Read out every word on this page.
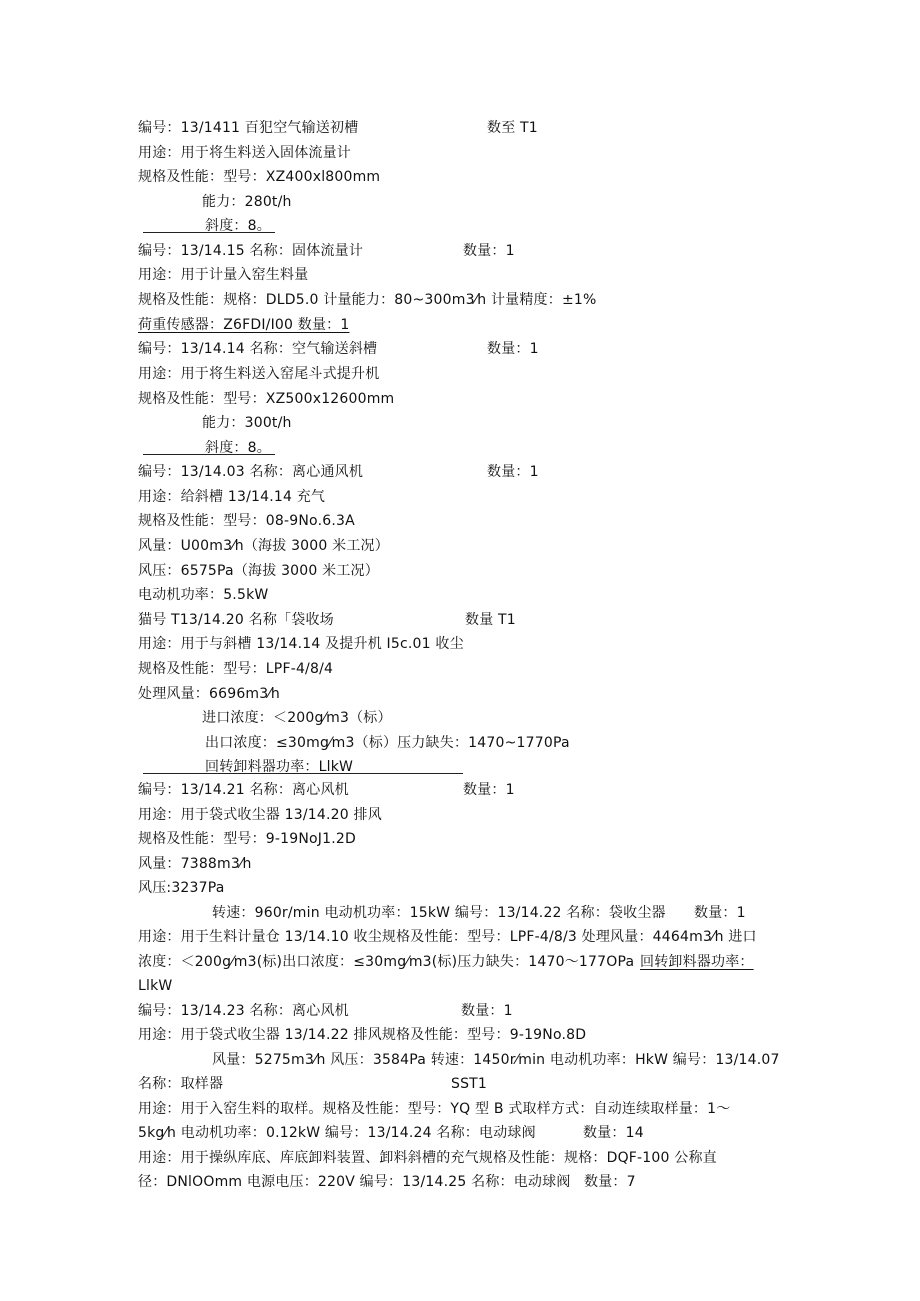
编号：13/1411 百犯空气输送初槽	数至 T1
用途：用于将生料送入固体流量计
规格及性能：型号：XZ400xl800mm
能力：280t/h
斜度：8。
编号：13/14.15 名称：固体流量计	数量：1
用途：用于计量入窑生料量
规格及性能：规格：DLD5.0 计量能力：80~300m3⁄h 计量精度：±1%
荷重传感器：Z6FDI/I00 数量：1
编号：13/14.14 名称：空气输送斜槽	数量：1
用途：用于将生料送入窑尾斗式提升机
规格及性能：型号：XZ500x12600mm
能力：300t/h
斜度：8。
编号：13/14.03 名称：离心通风机	数量：1
用途：给斜槽 13/14.14 充气
规格及性能：型号：08-9No.6.3A
风量：U00m3⁄h（海拔 3000 米工况）
风压：6575Pa（海拔 3000 米工况）
电动机功率：5.5kW
猫号 T13/14.20 名称「袋收场	数量 T1
用途：用于与斜槽 13/14.14 及提升机 I5c.01 收尘
规格及性能：型号：LPF-4/8/4
处理风量：6696m3⁄h
进口浓度：＜200g⁄m3（标）
出口浓度：≤30mg⁄m3（标）压力缺失：1470~1770Pa
回转卸料器功率：LlkW
编号：13/14.21 名称：离心风机	数量：1
用途：用于袋式收尘器 13/14.20 排风
规格及性能：型号：9-19NoJ1.2D
风量：7388m3⁄h
风压:3237Pa
转速：960r/min 电动机功率：15kW 编号：13/14.22 名称：袋收尘器 数量：1
用途：用于生料计量仓 13/14.10 收尘规格及性能：型号：LPF-4/8/3 处理风量：4464m3⁄h 进口
浓度：＜200g⁄m3(标)出口浓度：≤30mg⁄m3(标)压力缺失：1470～177OPa 回转卸料器功率：
LlkW
编号：13/14.23 名称：离心风机	数量：1
用途：用于袋式收尘器 13/14.22 排风规格及性能：型号：9-19No.8D
风量：5275m3⁄h 风压：3584Pa 转速：1450r⁄min 电动机功率：HkW 编号：13/14.07
名称：取样器	SST1
用途：用于入窑生料的取样。规格及性能：型号：YQ 型 B 式取样方式：自动连续取样量：1～
5kg⁄h 电动机功率：0.12kW 编号：13/14.24 名称：电动球阀	数量：14
用途：用于操纵库底、库底卸料装置、卸料斜槽的充气规格及性能：规格：DQF-100 公称直
径：DNlOOmm 电源电压：220V 编号：13/14.25 名称：电动球阀 数量：7
